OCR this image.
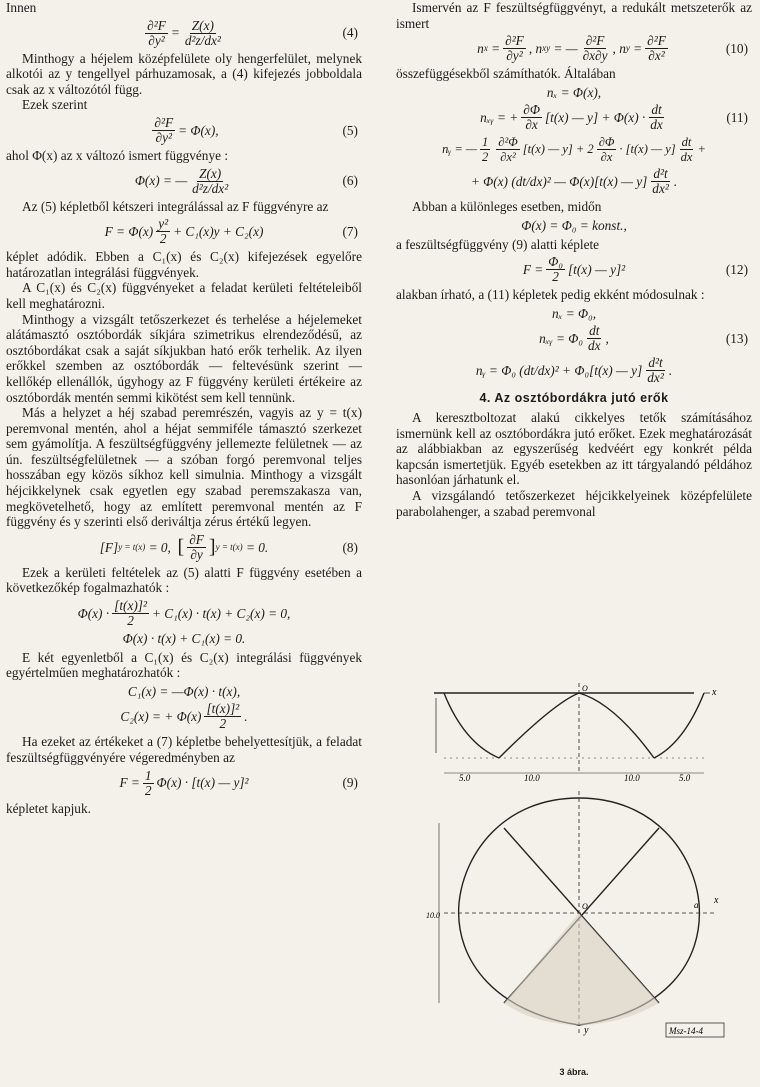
Innen

$\frac{\text{∂²F}}{\text{∂y²}} = \frac{Z(x)}{\text{d²z/dx²}}$	(4)

Minthogy a héjelem középfelülete oly hengerfelület, melynek alkotói az y tengellyel párhuzamosak, a (4) kifejezés jobboldala csak az x változótól függ.

Ezek szerint

$\frac{\text{∂²F}}{\text{∂y²}} = \Phi(x)$,	(5)

ahol Φ(x) az x változó ismert függvénye :

Φ(x) = — $\frac{Z(x)}{\text{d²z/dx²}}$	(6)

Az (5) képletből kétszeri integrálással az F függvényre az

$F = \Phi(x) \frac{\text{y²}}{2} + C_1(x)y + C_2(x)$	(7)

képlet adódik. Ebben a C₁(x) és C₂(x) kifejezések egyelőre határozatlan integrálási függvények.

A C₁(x) és C₂(x) függvényeket a feladat kerületi feltételeiből kell meghatározni.

Minthogy a vizsgált tetőszerkezet és terhelése a héjelemeket alátámasztó osztóbordák síkjára szimetrikus elrendeződésű, az osztóbordákat csak a saját síkjukban ható erők terhelik. Az ilyen erőkkel szemben az osztóbordák — feltevésünk szerint — kellőkép ellenállók, úgyhogy az F függvény kerületi értékeire az osztóbordák mentén semmi kikötést sem kell tennünk.

Más a helyzet a héj szabad peremrészén, vagyis az y = t(x) peremvonal mentén, ahol a héjat semmiféle támasztó szerkezet sem gyámolítja. A feszültségfüggvény jellemezte felületnek — az ún. feszültségfelületnek — a szóban forgó peremvonal teljes hosszában egy közös síkhoz kell simulnia. Minthogy a vizsgált héjcikkelynek csak egyetlen egy szabad peremszakasza van, megkövetelhető, hogy az említett peremvonal mentén az F függvény és y szerinti első deriváltja zérus értékű legyen.

[F] y = t(x)
= 0,
[ $\frac{\partial F}{\partial y}$ ] y = t(x)
= 0.	(8)

Ezek a kerületi feltételek az (5) alatti F függvény esetében a következőkép fogalmazhatók :

$\Phi(x) \cdot \frac{\text{[t(x)]²}}{2} + C_1(x) \cdot t(x) + C_2(x) = 0$,
Φ(x) · t(x) + C₁(x) = 0.

E két egyenletből a C₁(x) és C₂(x) integrálási függvények egyértelműen meghatározhatók :

C₁(x) = —Φ(x) · t(x),
C₂(x) = + $\Phi(x) \frac{\text{[t(x)]²}}{2}$ .

Ha ezeket az értékeket a (7) képletbe behelyettesítjük, a feladat feszültségfüggvényére végeredményben az

$F = \frac{1}{2} \Phi(x) \cdot [t(x)$ — y]²	(9)

képletet kapjuk.

Ismervén az F feszültségfüggvényt, a redukált metszeterők az ismert

n $x = \frac{\text{∂²F}}{\text{∂y²}}$ , n xy = — $\frac{\text{∂²F}}{\partial x\partial y}$ , n $y = \frac{\text{∂²F}}{\text{∂x²}}$	(10)

összefüggésekből számíthatók. Általában

nₓ = Φ(x),
nₓᵧ = + $\frac{\partial\Phi}{\partial x} [t(x)$ — $y] + \Phi(x) \cdot \frac{dt}{dx}$	(11)
nᵧ = — $\frac{1}{2} \frac{\text{∂²Φ}}{\text{∂x²}} [t(x)$ — $y] + 2 \frac{\partial\Phi}{\partial x} \cdot [t(x)$ — $y] \frac{dt}{dx}$ +
+ Φ(x)
(dt/dx)²
— Φ(x)[t(x) — $y] \frac{\text{d²t}}{\text{dx²}}$ .

Abban a különleges esetben, midőn

Φ(x) = Φ₀ = konst.,

a feszültségfüggvény (9) alatti képlete

$F = \frac{\text{Φ₀}}{2} [t(x)$ — y]²	(12)

alakban írható, a (11) képletek pedig ekként módosulnak :

nₓ = Φ₀,
nₓᵧ = $\Phi_0 \frac{dt}{dx}$ ,	(13)
nᵧ = Φ₀
(dt/dx)²
+ Φ₀[t(x) — $y] \frac{\text{d²t}}{\text{dx²}}$ .
4. Az osztóbordákra jutó erők

A keresztboltozat alakú cikkelyes tetők számításához ismernünk kell az osztóbordákra jutó erőket. Ezek meghatározását az alábbiakban az egyszerűség kedvéért egy konkrét példa kapcsán ismertetjük. Egyéb esetekben az itt tárgyalandó példához hasonlóan járhatunk el.

A vizsgálandó tetőszerkezet héjcikkelyeinek középfelülete parabolahenger, a szabad peremvonal

5.0	10.0	10.0	5.0
x
O
x
y
O
10.0
a
Msz-14-4
3 ábra.
